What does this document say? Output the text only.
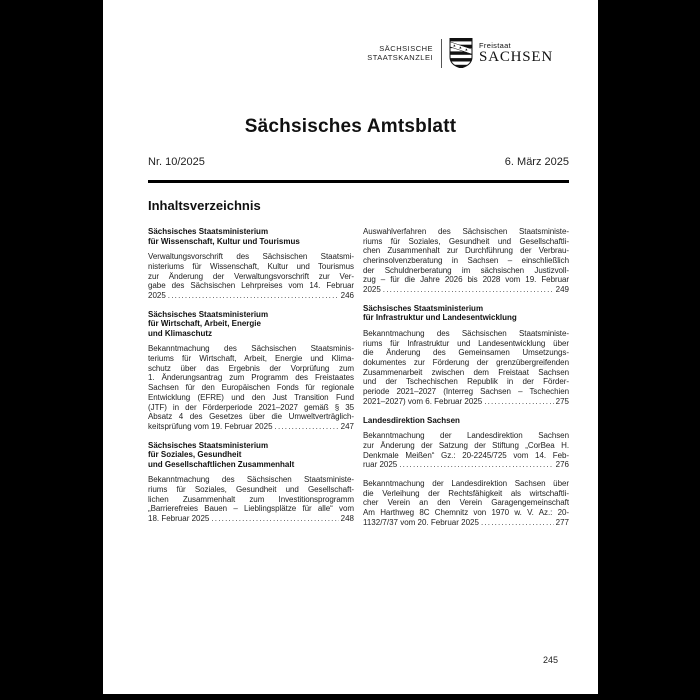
SÄCHSISCHE
STAATSKANZLEI
Freistaat
SACHSEN
Sächsisches Amtsblatt
Nr. 10/2025	6. März 2025
Inhaltsverzeichnis
Sächsisches Staatsministerium
für Wissenschaft, Kultur und Tourismus
Verwaltungsvorschrift des Sächsischen Staatsmi-
nisteriums für Wissenschaft, Kultur und Tourismus
zur Änderung der Verwaltungsvorschrift zur Ver-
gabe des Sächsischen Lehrpreises vom 14. Februar
2025 .....	246
Sächsisches Staatsministerium
für Wirtschaft, Arbeit, Energie
und Klimaschutz
Bekanntmachung des Sächsischen Staatsminis-
teriums für Wirtschaft, Arbeit, Energie und Klima-
schutz über das Ergebnis der Vorprüfung zum
1. Änderungsantrag zum Programm des Freistaates
Sachsen für den Europäischen Fonds für regionale
Entwicklung (EFRE) und den Just Transition Fund
(JTF) in der Förderperiode 2021–2027 gemäß § 35
Absatz 4 des Gesetzes über die Umweltverträglich-
keitsprüfung vom 19. Februar 2025 .....	247
Sächsisches Staatsministerium
für Soziales, Gesundheit
und Gesellschaftlichen Zusammenhalt
Bekanntmachung des Sächsischen Staatsministe-
riums für Soziales, Gesundheit und Gesellschaft-
lichen Zusammenhalt zum Investitionsprogramm
„Barrierefreies Bauen – Lieblingsplätze für alle“ vom
18. Februar 2025 .....	248
Auswahlverfahren des Sächsischen Staatsministe-
riums für Soziales, Gesundheit und Gesellschaftli-
chen Zusammenhalt zur Durchführung der Verbrau-
cherinsolvenzberatung in Sachsen – einschließlich
der Schuldnerberatung im sächsischen Justizvoll-
zug – für die Jahre 2026 bis 2028 vom 19. Februar
2025 .....	249
Sächsisches Staatsministerium
für Infrastruktur und Landesentwicklung
Bekanntmachung des Sächsischen Staatsministe-
riums für Infrastruktur und Landesentwicklung über
die Änderung des Gemeinsamen Umsetzungs-
dokumentes zur Förderung der grenzübergreifenden
Zusammenarbeit zwischen dem Freistaat Sachsen
und der Tschechischen Republik in der Förder-
periode 2021–2027 (Interreg Sachsen – Tschechien
2021–2027) vom 6. Februar 2025 .....	275
Landesdirektion Sachsen
Bekanntmachung der Landesdirektion Sachsen
zur Änderung der Satzung der Stiftung „CorBea H.
Denkmale Meißen“ Gz.: 20-2245/725 vom 14. Feb-
ruar 2025 .....	276
Bekanntmachung der Landesdirektion Sachsen über
die Verleihung der Rechtsfähigkeit als wirtschaftli-
cher Verein an den Verein Garagengemeinschaft
Am Harthweg 8C Chemnitz von 1970 w. V. Az.: 20-
1132/7/37 vom 20. Februar 2025 .....	277
245
